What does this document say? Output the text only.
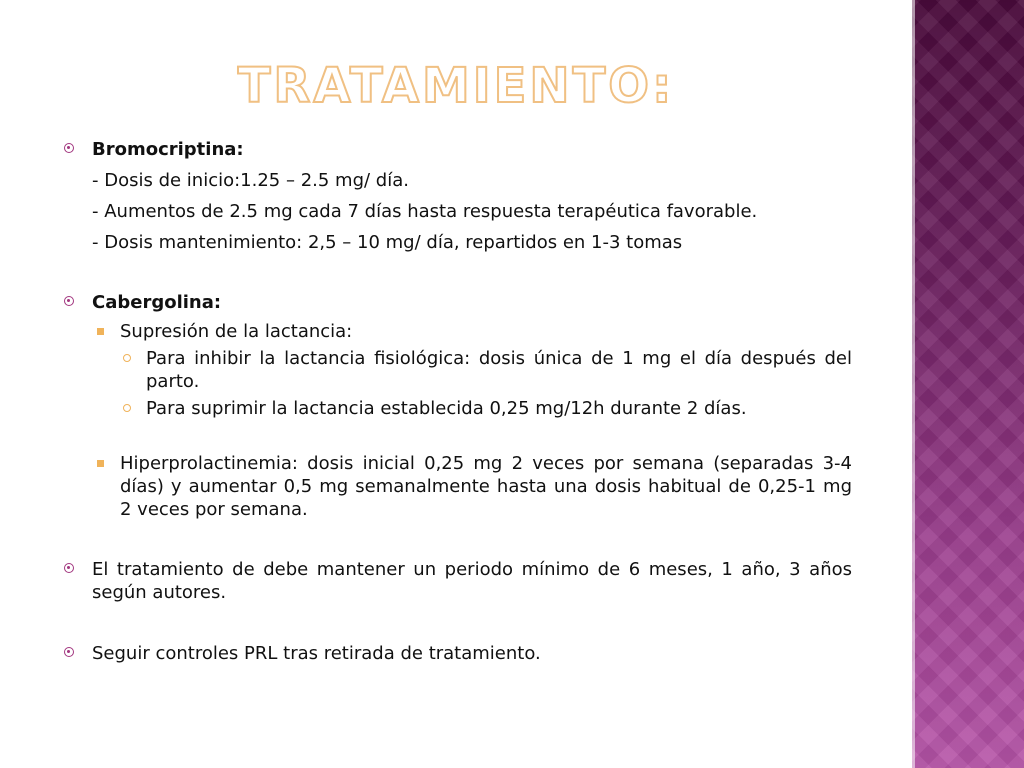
TRATAMIENTO:
Bromocriptina:
- Dosis de inicio:1.25 – 2.5 mg/ día.
- Aumentos de 2.5 mg cada 7 días hasta respuesta terapéutica favorable.
- Dosis mantenimiento: 2,5 – 10 mg/ día, repartidos en 1-3 tomas
Cabergolina:
Supresión de la lactancia:
Para inhibir la lactancia fisiológica: dosis única de 1 mg el día después del parto.
Para suprimir la lactancia establecida 0,25 mg/12h durante 2 días.
Hiperprolactinemia: dosis inicial 0,25 mg 2 veces por semana (separadas 3-4 días) y aumentar 0,5 mg semanalmente hasta una dosis habitual de 0,25-1 mg 2 veces por semana.
El tratamiento de debe mantener un periodo mínimo de 6 meses, 1 año, 3 años según autores.
Seguir controles PRL tras retirada de tratamiento.
